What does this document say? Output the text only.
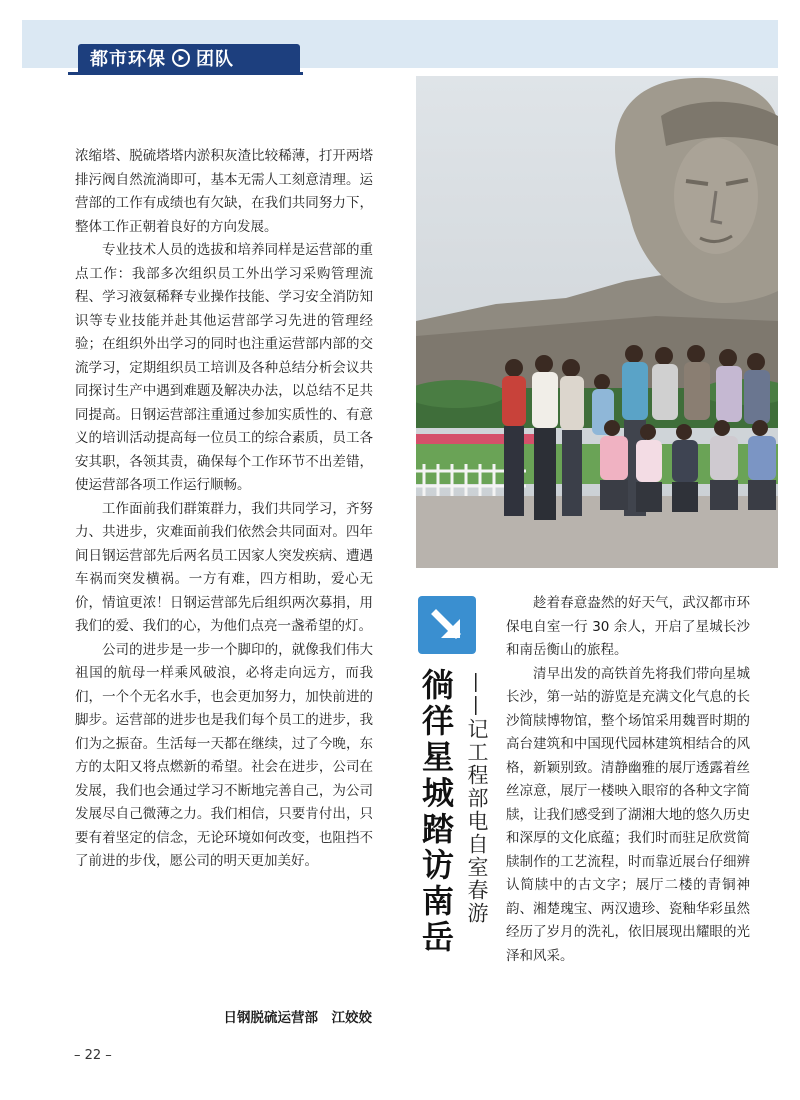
都市环保 团队

浓缩塔、脱硫塔塔内淤积灰渣比较稀薄，打开两塔排污阀自然流淌即可，基本无需人工刻意清理。运营部的工作有成绩也有欠缺，在我们共同努力下，整体工作正朝着良好的方向发展。

专业技术人员的选拔和培养同样是运营部的重点工作：我部多次组织员工外出学习采购管理流程、学习液氨稀释专业操作技能、学习安全消防知识等专业技能并赴其他运营部学习先进的管理经验；在组织外出学习的同时也注重运营部内部的交流学习，定期组织员工培训及各种总结分析会议共同探讨生产中遇到难题及解决办法，以总结不足共同提高。日钢运营部注重通过参加实质性的、有意义的培训活动提高每一位员工的综合素质，员工各安其职，各领其责，确保每个工作环节不出差错，使运营部各项工作运行顺畅。

工作面前我们群策群力，我们共同学习，齐努力、共进步，灾难面前我们依然会共同面对。四年间日钢运营部先后两名员工因家人突发疾病、遭遇车祸而突发横祸。一方有难，四方相助，爱心无价，情谊更浓！日钢运营部先后组织两次募捐，用我们的爱、我们的心，为他们点亮一盏希望的灯。

公司的进步是一步一个脚印的，就像我们伟大祖国的航母一样乘风破浪，必将走向远方，而我们，一个个无名水手，也会更加努力，加快前进的脚步。运营部的进步也是我们每个员工的进步，我们为之振奋。生活每一天都在继续，过了今晚，东方的太阳又将点燃新的希望。社会在进步，公司在发展，我们也会通过学习不断地完善自己，为公司发展尽自己微薄之力。我们相信，只要肯付出，只要有着坚定的信念，无论环境如何改变，也阻挡不了前进的步伐，愿公司的明天更加美好。

日钢脱硫运营部　江姣姣
徜徉星城踏访南岳 ——记工程部电自室春游

趁着春意盎然的好天气，武汉都市环保电自室一行 30 余人，开启了星城长沙和南岳衡山的旅程。

清早出发的高铁首先将我们带向星城长沙，第一站的游览是充满文化气息的长沙简牍博物馆，整个场馆采用魏晋时期的高台建筑和中国现代园林建筑相结合的风格，新颖别致。清静幽雅的展厅透露着丝丝凉意，展厅一楼映入眼帘的各种文字简牍，让我们感受到了湖湘大地的悠久历史和深厚的文化底蕴；我们时而驻足欣赏简牍制作的工艺流程，时而靠近展台仔细辨认简牍中的古文字；展厅二楼的青铜神韵、湘楚瑰宝、两汉遗珍、瓷釉华彩虽然经历了岁月的洗礼，依旧展现出耀眼的光泽和风采。

– 22 –
